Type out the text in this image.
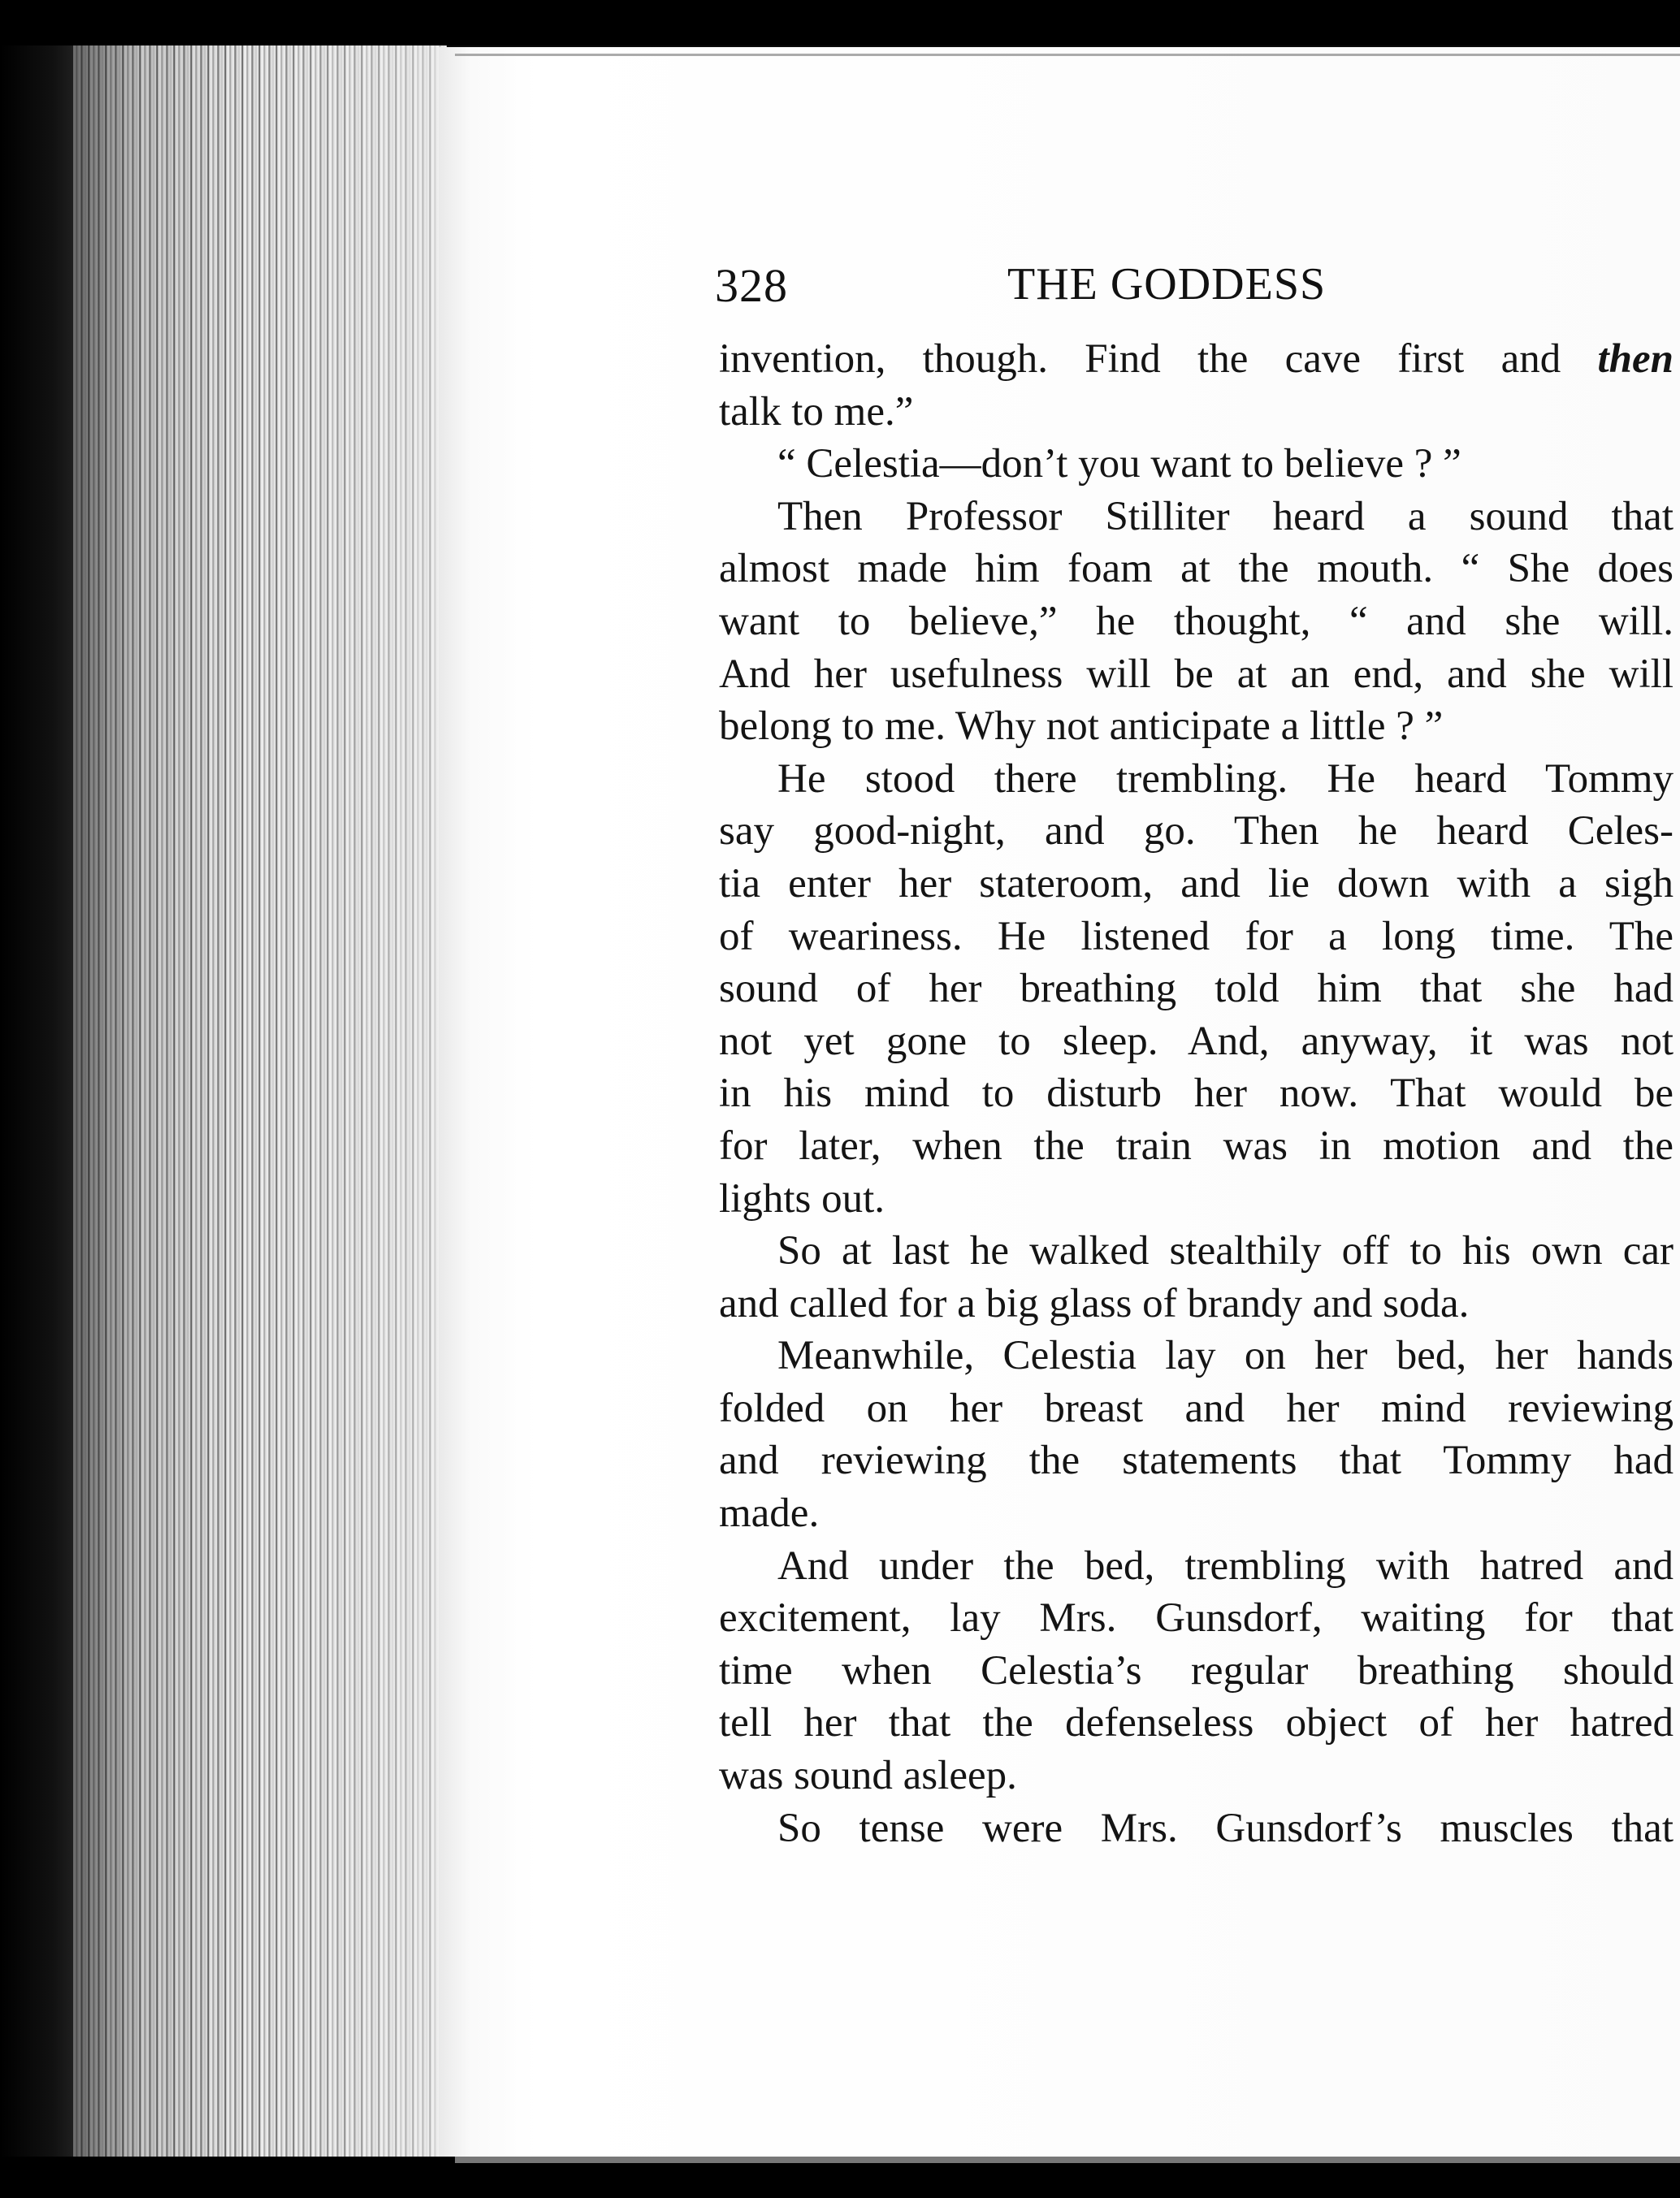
328	THE GODDESS

invention, though. Find the cave first and then
talk to me.”

“ Celestia—don’t you want to believe ? ”

Then Professor Stilliter heard a sound that
almost made him foam at the mouth. “ She does
want to believe,” he thought, “ and she will.
And her usefulness will be at an end, and she will
belong to me. Why not anticipate a little ? ”

He stood there trembling. He heard Tommy
say good-night, and go. Then he heard Celes-
tia enter her stateroom, and lie down with a sigh
of weariness. He listened for a long time. The
sound of her breathing told him that she had
not yet gone to sleep. And, anyway, it was not
in his mind to disturb her now. That would be
for later, when the train was in motion and the
lights out.

So at last he walked stealthily off to his own car
and called for a big glass of brandy and soda.

Meanwhile, Celestia lay on her bed, her hands
folded on her breast and her mind reviewing
and reviewing the statements that Tommy had
made.

And under the bed, trembling with hatred and
excitement, lay Mrs. Gunsdorf, waiting for that
time when Celestia’s regular breathing should
tell her that the defenseless object of her hatred
was sound asleep.

So tense were Mrs. Gunsdorf’s muscles that
